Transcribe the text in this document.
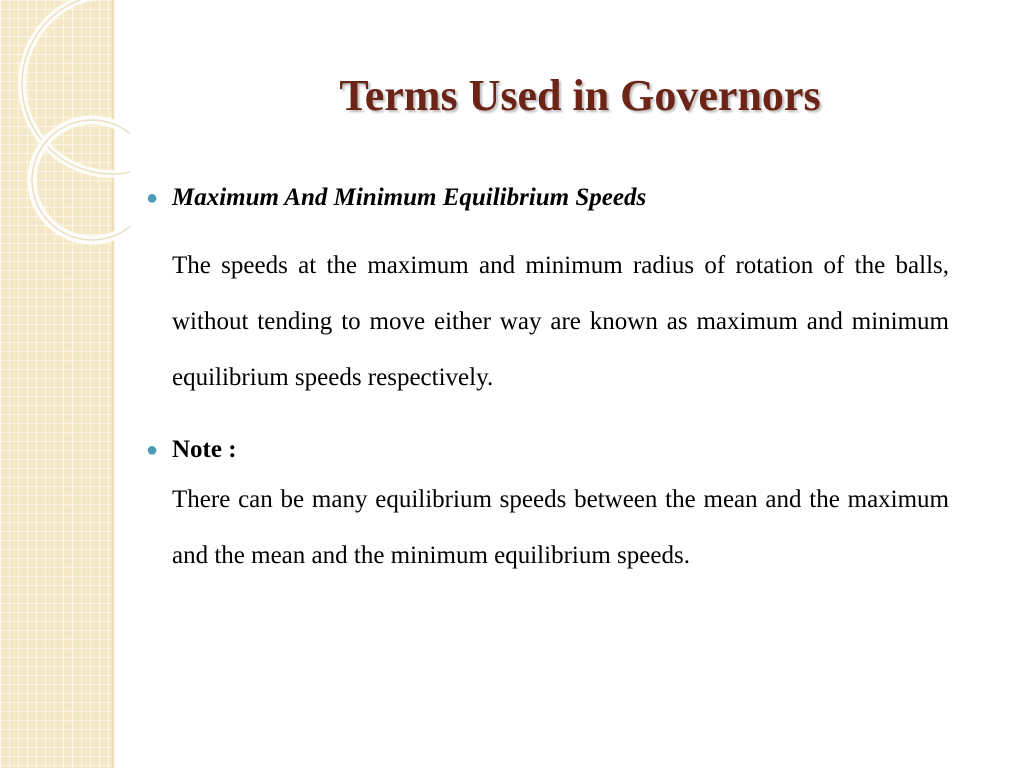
Terms Used in Governors
● Maximum And Minimum Equilibrium Speeds

The speeds at the maximum and minimum radius of rotation of the balls, without tending to move either way are known as maximum and minimum equilibrium speeds respectively.

● Note :

There can be many equilibrium speeds between the mean and the maximum and the mean and the minimum equilibrium speeds.
